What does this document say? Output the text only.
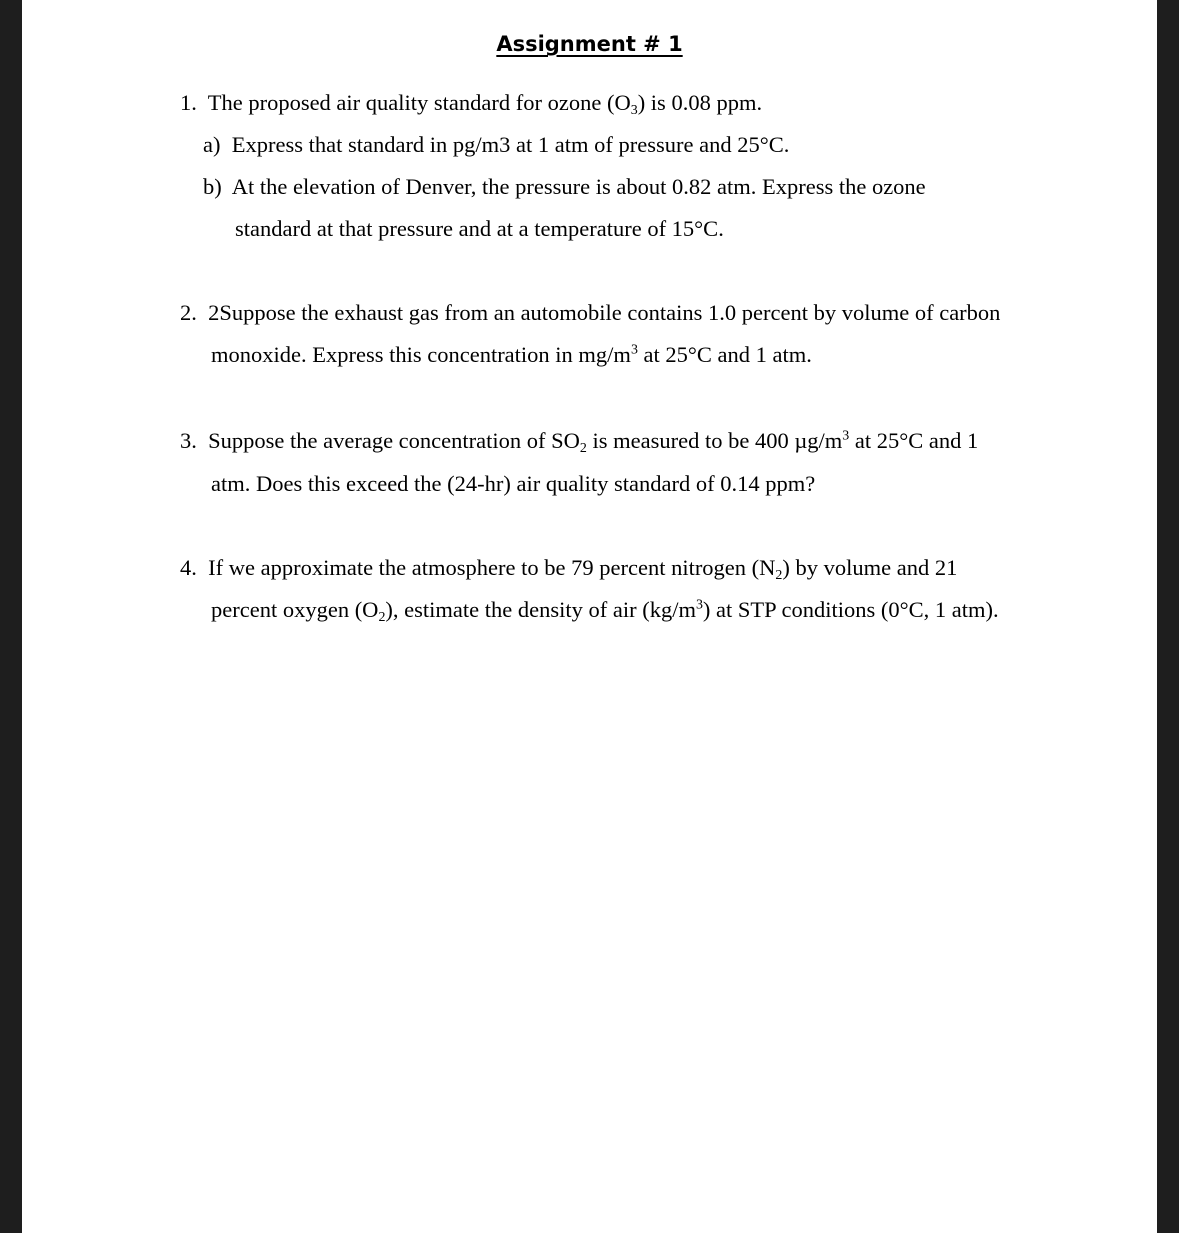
Assignment # 1
1. The proposed air quality standard for ozone $(O_3)$ is 0.08 ppm.
a) Express that standard in pg/m3 at 1 atm of pressure and 25°C.
b) At the elevation of Denver, the pressure is about 0.82 atm. Express the ozone
standard at that pressure and at a temperature of 15°C.
2. 2Suppose the exhaust gas from an automobile contains 1.0 percent by volume of carbon
monoxide. Express this concentration in $mg/m^3$ at 25°C and 1 atm.
3. Suppose the average concentration of $SO_2$ is measured to be 400 $\mu g/m^3$ at 25°C and 1
atm. Does this exceed the (24-hr) air quality standard of 0.14 ppm?
4. If we approximate the atmosphere to be 79 percent nitrogen $(N_2)$ by volume and 21
percent oxygen $(O_2)$, estimate the density of air $(kg/m^3)$ at STP conditions (0°C, 1 atm).
